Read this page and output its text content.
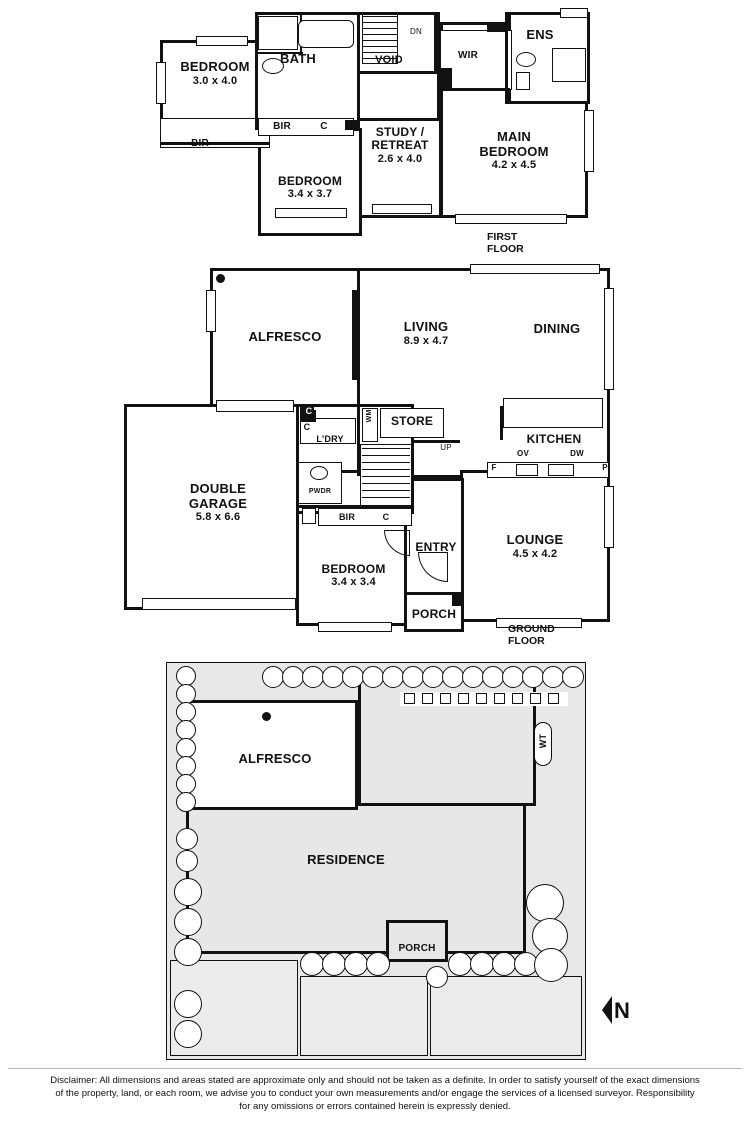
BEDROOM
3.0 x 4.0
BATH	VOID
DN
WIR
ENS
BIR	C
BIR
STUDY /
RETREAT
2.6 x 4.0
MAIN
BEDROOM
4.2 x 4.5
BEDROOM
3.4 x 3.7
FIRST FLOOR
ALFRESCO
LIVING
8.9 x 4.7
DINING
STORE
L'DRY
WM
C
C
KITCHEN
OV	DW
F	P
UP
PWDR
DOUBLE
GARAGE
5.8 x 6.6	BIR	C
BEDROOM
3.4 x 3.4
ENTRY
PORCH
LOUNGE
4.5 x 4.2
GROUND FLOOR
ALFRESCO
RESIDENCE
PORCH
WT
N
Disclaimer: All dimensions and areas stated are approximate only and should not be taken as a definite. In order to satisfy yourself of the exact dimensions
of the property, land, or each room, we advise you to conduct your own measurements and/or engage the services of a licensed surveyor. Responsibility
for any omissions or errors contained herein is expressly denied.
